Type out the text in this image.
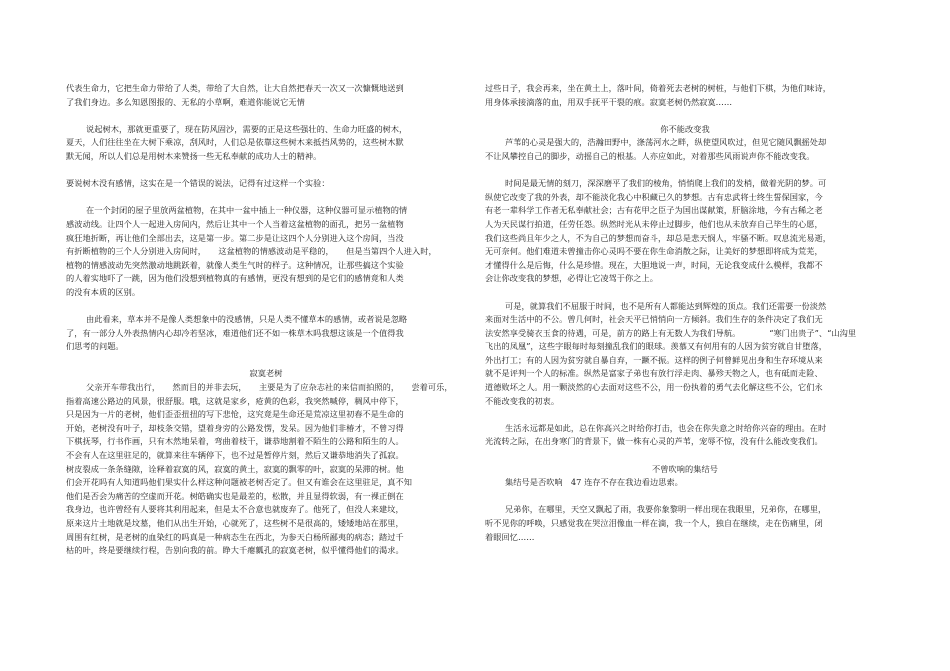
代表生命力，它把生命力带给了人类，带给了大自然，让大自然把春天一次又一次慷慨地送到
了我们身边。多么知恩图报的、无私的小草啊，难道你能说它无情
说起树木，那就更重要了，现在防风固沙，需要的正是这些强壮的、生命力旺盛的树木，
夏天，人们往往坐在大树下乘凉，刮风时，人们总是依靠这些树木来抵挡风势的，这些树木默
默无闻，所以人们总是用树木来赞扬一些无私奉献的成功人士的精神。
要说树木没有感情，这实在是一个错误的说法，记得有过这样一个实验：
在一个封闭的屋子里放两盆植物，在其中一盆中插上一种仪器，这种仪器可显示植物的情
感波动线。让四个人一起进入房间内，然后让其中一个人当着这盆植物的面孔，把另一盆植物
疯狂地折断，再让他们全部出去，这是第一步。第二步是让这四个人分别进入这个房间，当没
有折断植物的三个人分别进入房间时，　　这盆植物的情感波动是平稳的，　　但是当第四个人进入时，
植物的情感波动先突然激动地跳跃着，就像人类生气时的样子。这种情况，让那些搞这个实验
的人着实地吓了一跳，因为他们没想到植物真的有感情，更没有想到的是它们的感情竟和人类
的没有本质的区别。
由此看来，草本并不是像人类想象中的没感情，只是人类不懂草本的感情，或者说是忽略
了，有一部分人外表热情内心却冷若坚冰，难道他们还不如一株草木吗我想这该是一个值得我
们思考的问题。
寂寞老树
父亲开车带我出行，　　然而目的并非去玩，　　主要是为了应杂志社的来信而拍照的，　　尝着可乐，
指着高速公路边的风景，很舒服。哦，这就是家乡，疮黄的色彩，我突然喊停，稠风中停下，
只是因为一片的老树，他们歪歪扭扭的写下悲怆，这究竟是生命还是荒凉这里初春不是生命的
开始，老树没有叶子，却枝条交错，望着身旁的公路发愣，发呆。因为他们非椿才，不曾习得
下棋抚琴，行书作画，只有木然地呆着，弯曲着枝干，谦恭地割着不陌生的公路和陌生的人。
不会有人在这里驻足的，就算来往车辆停下，也不过是暂停片刻，然后又谦恭地消失了孤寂。
树皮裂成一条条缝隙，诠释着寂寞的风，寂寞的黄土，寂寞的飘零的叶，寂寞的呆滞的树。他
们会开花吗有人知道吗他们果实什么样这种问题被老树否定了。但又有谁会在这里驻足，真不知
他们是否会为痛苦的空虚而开花。树皓确实也是最差的，松散，并且显得软弱，有一裸正倒在
我身边，也许曾经有人要将其利用起来，但是太不合意也就废弃了。他死了，但没人来建坟，
原来这片土地就是坟墓，他们从出生开始，心就死了，这些树不是很高的，矮矮地站在那里，
周围有红树，是老树的血染红的吗真是一种病态生在西北，为参天白杨所鄙夷的病态；踏过千
枯的叶，终是要继续行程，告别向我的前。睁大千瘪瓤孔的寂寞老树，似乎懂得他们的渴求。
过些日子，我会再来，坐在黄土上，落叶间，倚着死去老树的树桩，与他们下棋，为他们味诗，
用身体承接滴落的血，用双手抚平干裂的痕。寂寞老树仍然寂寞……
你不能改变我
芦苇的心灵是强大的，浩瀚田野中，涤荡河水之畔，纵使望风吹过，但见它随风飘摇处却
不让风攀控自己的脚步，动摇自己的根基。人亦应如此，对着那些风雨说声你不能改变我。
时间是最无情的刻刀，深深磨平了我们的棱角，悄悄爬上我们的发梢，做着光阴的梦。可
纵使它改变了我的外表，却不能淡化我心中积藏已久的梦想。古有忠武将士终生誓保国家，今
有老一辈科学工作者无私奉献社会；古有花甲之臣子为国出谋献策，肝脑涂地，今有古稀之老
人为天民谋行拍道，任劳任怨。纵然时光从未停止过脚步，他们也从未放弃自己毕生的心愿，
我们这些尚且年少之人，不为自己的梦想而奋斗，却总是悲天悯人，牢骚不断。叹息流光易逝，
无可奈何。他们难道未曾撞击你心灵吗不要在你生命消散之际，让美好的梦想即将成为荒芜，
才懂得什么是后悔，什么是珍惜。现在，大胆地说一声，时间，无论我变成什么模样，我都不
会让你改变我的梦想，必得让它凌驾于你之上。
可是，就算我们不屈服于时间，也不是所有人都能达到辉煌的顶点。我们还需要一份淡然
来面对生活中的不公。曾几何时，社会天平已悄悄向一方倾斜。我们生存的条件决定了我们无
法安然享受骑衣玉食的待遇，可是，前方的路上有无数人为我们导航。　　　　“寒门出贵子”、“山沟里
飞出的凤凰”，这些字眼每时每刻撞乱我们的眼球。羡慕又有何用有的人因为贫穷就自甘堕落，
外出打工；有的人因为贫穷就自暴自弃，一蹶不振。这样的例子何曾鲜见出身和生存环境从来
就不是评判一个人的标准。纵然是富家子弟也有放行浮走肉、暴殄天物之人，也有砥而走险、
道德败坏之人。用一颗淡然的心去面对这些不公，用一份执着的勇气去化解这些不公，它们永
不能改变我的初衷。
生活永远都是如此，总在你高兴之时给你打击，也会在你失意之时给你兴奋的理由。在时
光流转之际，在出身寒门的背景下，做一株有心灵的芦苇，宠辱不惊，没有什么能改变我们。
不曾吹响的集结号
集结号是否吹响　47 连存不存在我边看边思索。
兄弟你，在哪里，天空又飘起了雨，我要你象黎明一样出现在我眼里，兄弟你，在哪里，
听不见你的呼唤，只感觉我在哭泣泪像血一样在滴，我一个人，独自在继续，走在伤痛里，闭
着眼回忆……
